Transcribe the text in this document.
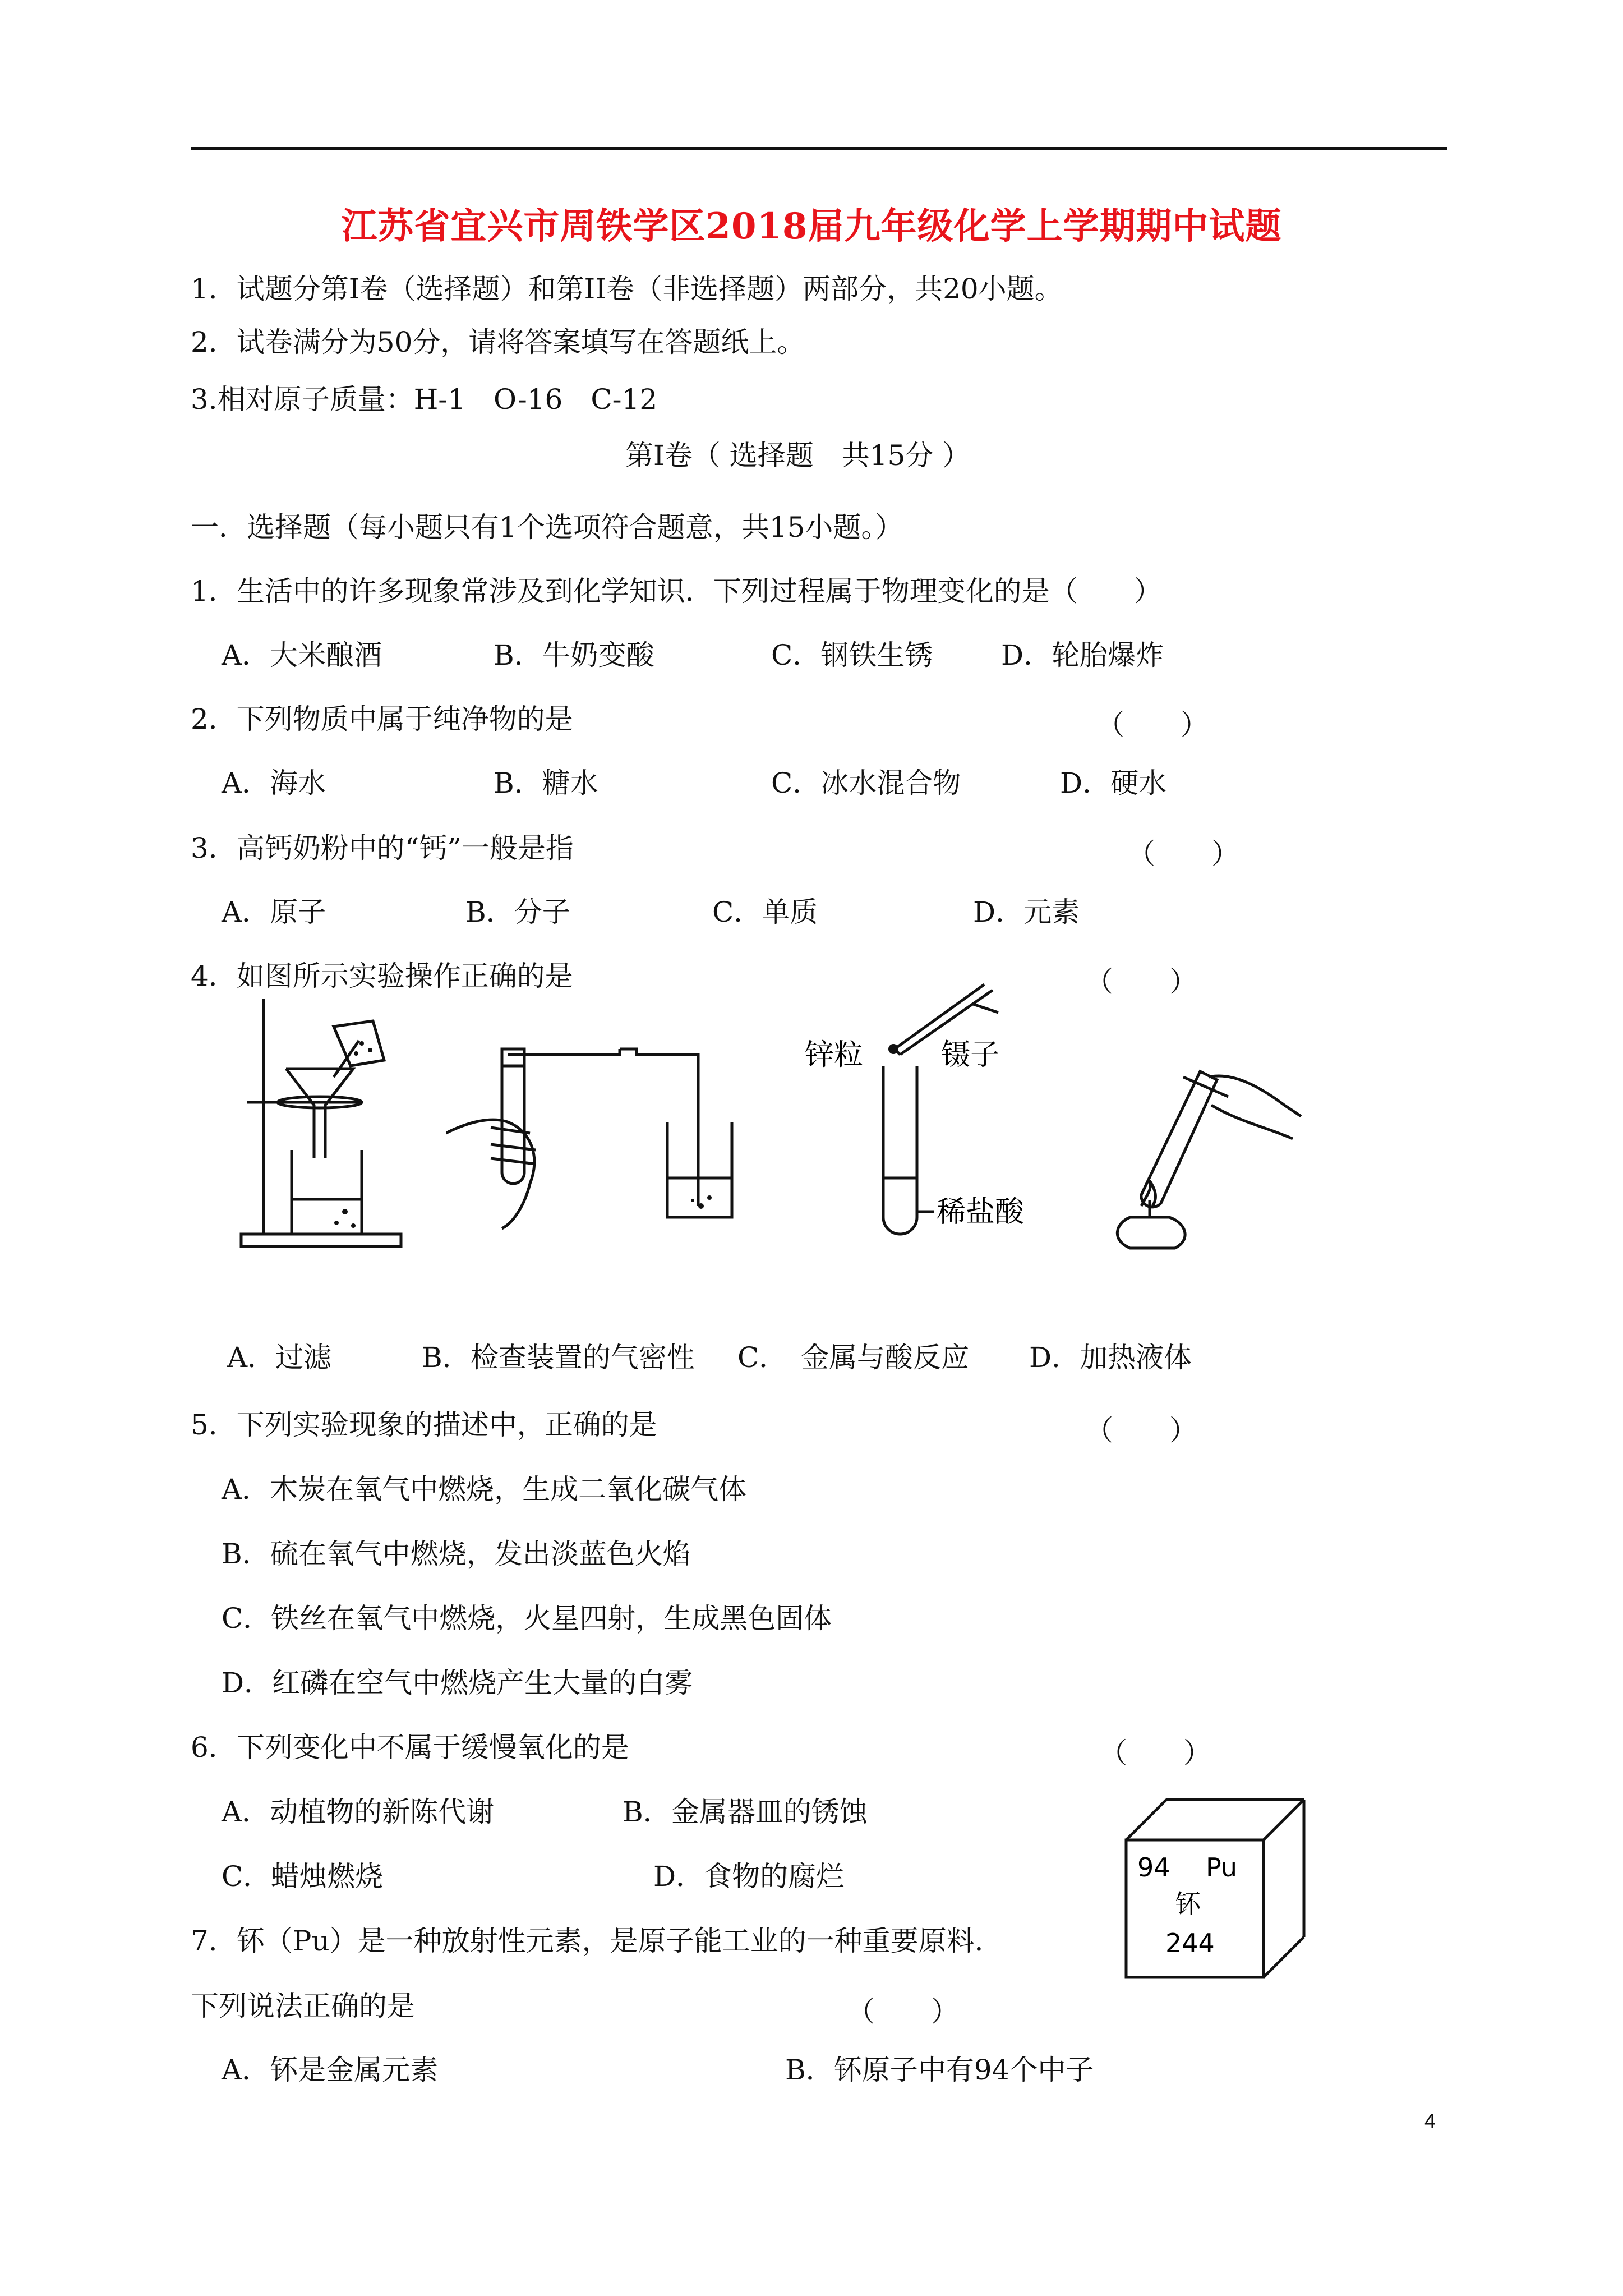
江苏省宜兴市周铁学区2018届九年级化学上学期期中试题
1．试题分第Ⅰ卷（选择题）和第II卷（非选择题）两部分，共20小题。
2．试卷满分为50分，请将答案填写在答题纸上。
3.相对原子质量：H-1　O-16　C-12
第Ⅰ卷（ 选择题　共15分 ）
一．选择题（每小题只有1个选项符合题意，共15小题。）
1．生活中的许多现象常涉及到化学知识．下列过程属于物理变化的是（　　）
A．大米酿酒	B．牛奶变酸	C．钢铁生锈 D．轮胎爆炸
2．下列物质中属于纯净物的是	（　　）
A．海水	B．糖水	C．冰水混合物	D．硬水
3．高钙奶粉中的“钙”一般是指	（　　）
A．原子	B．分子	C．单质	D．元素
4．如图所示实验操作正确的是	（　　）
锌粒	镊子
稀盐酸
A．过滤	B．检查装置的气密性 C． 金属与酸反应 D．加热液体
5．下列实验现象的描述中，正确的是	（　　）
A．木炭在氧气中燃烧，生成二氧化碳气体
B．硫在氧气中燃烧，发出淡蓝色火焰
C．铁丝在氧气中燃烧，火星四射，生成黑色固体
D．红磷在空气中燃烧产生大量的白雾
6．下列变化中不属于缓慢氧化的是	（　　）
A．动植物的新陈代谢	B．金属器皿的锈蚀
C．蜡烛燃烧	D．食物的腐烂	94 Pu
钚
244
7．钚（Pu）是一种放射性元素，是原子能工业的一种重要原料．
下列说法正确的是	（　　）
A．钚是金属元素	B．钚原子中有94个中子
4
